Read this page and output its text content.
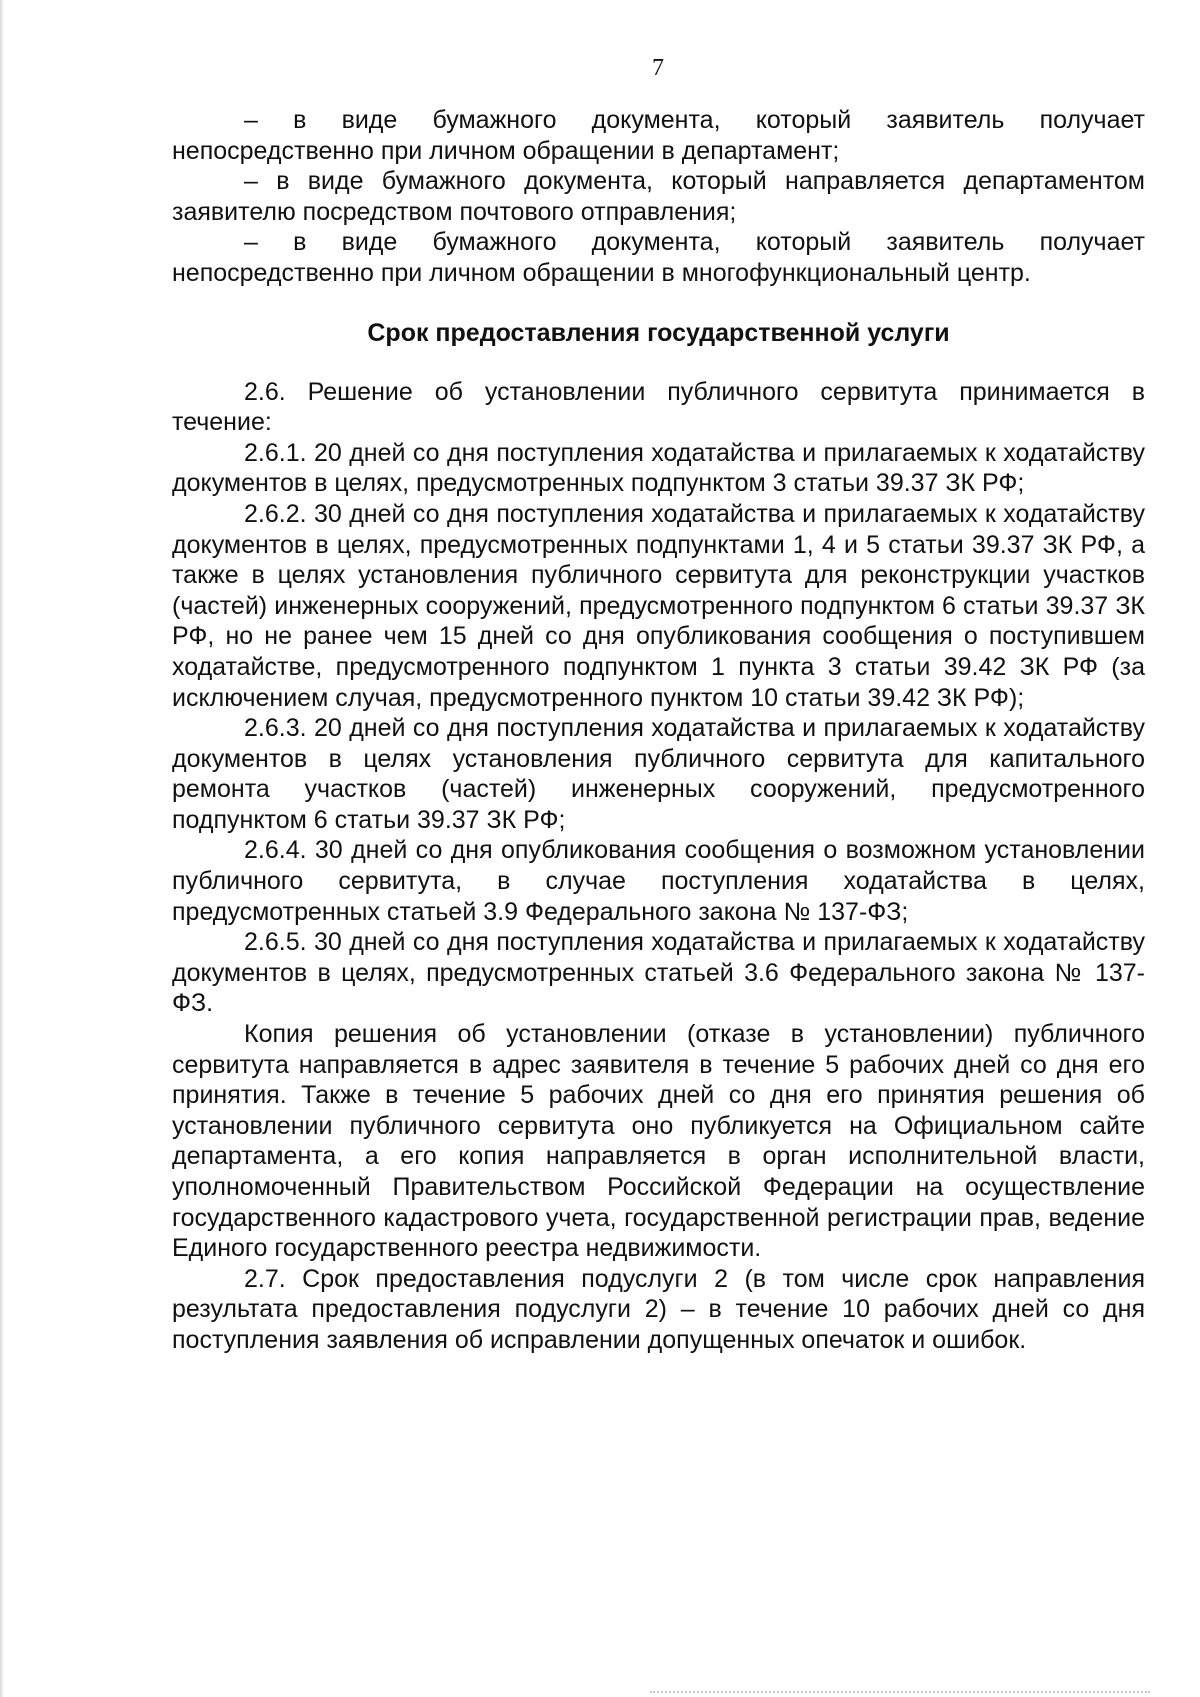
7

– в виде бумажного документа, который заявитель получает непосредственно при личном обращении в департамент;

– в виде бумажного документа, который направляется департаментом заявителю посредством почтового отправления;

– в виде бумажного документа, который заявитель получает непосредственно при личном обращении в многофункциональный центр.

Срок предоставления государственной услуги

2.6. Решение об установлении публичного сервитута принимается в течение:

2.6.1. 20 дней со дня поступления ходатайства и прилагаемых к ходатайству документов в целях, предусмотренных подпунктом 3 статьи 39.37 ЗК РФ;

2.6.2. 30 дней со дня поступления ходатайства и прилагаемых к ходатайству документов в целях, предусмотренных подпунктами 1, 4 и 5 статьи 39.37 ЗК РФ, а также в целях установления публичного сервитута для реконструкции участков (частей) инженерных сооружений, предусмотренного подпунктом 6 статьи 39.37 ЗК РФ, но не ранее чем 15 дней со дня опубликования сообщения о поступившем ходатайстве, предусмотренного подпунктом 1 пункта 3 статьи 39.42 ЗК РФ (за исключением случая, предусмотренного пунктом 10 статьи 39.42 ЗК РФ);

2.6.3. 20 дней со дня поступления ходатайства и прилагаемых к ходатайству документов в целях установления публичного сервитута для капитального ремонта участков (частей) инженерных сооружений, предусмотренного подпунктом 6 статьи 39.37 ЗК РФ;

2.6.4. 30 дней со дня опубликования сообщения о возможном установлении публичного сервитута, в случае поступления ходатайства в целях, предусмотренных статьей 3.9 Федерального закона № 137-ФЗ;

2.6.5. 30 дней со дня поступления ходатайства и прилагаемых к ходатайству документов в целях, предусмотренных статьей 3.6 Федерального закона № 137-ФЗ.

Копия решения об установлении (отказе в установлении) публичного сервитута направляется в адрес заявителя в течение 5 рабочих дней со дня его принятия. Также в течение 5 рабочих дней со дня его принятия решения об установлении публичного сервитута оно публикуется на Официальном сайте департамента, а его копия направляется в орган исполнительной власти, уполномоченный Правительством Российской Федерации на осуществление государственного кадастрового учета, государственной регистрации прав, ведение Единого государственного реестра недвижимости.

2.7. Срок предоставления подуслуги 2 (в том числе срок направления результата предоставления подуслуги 2) – в течение 10 рабочих дней со дня поступления заявления об исправлении допущенных опечаток и ошибок.
